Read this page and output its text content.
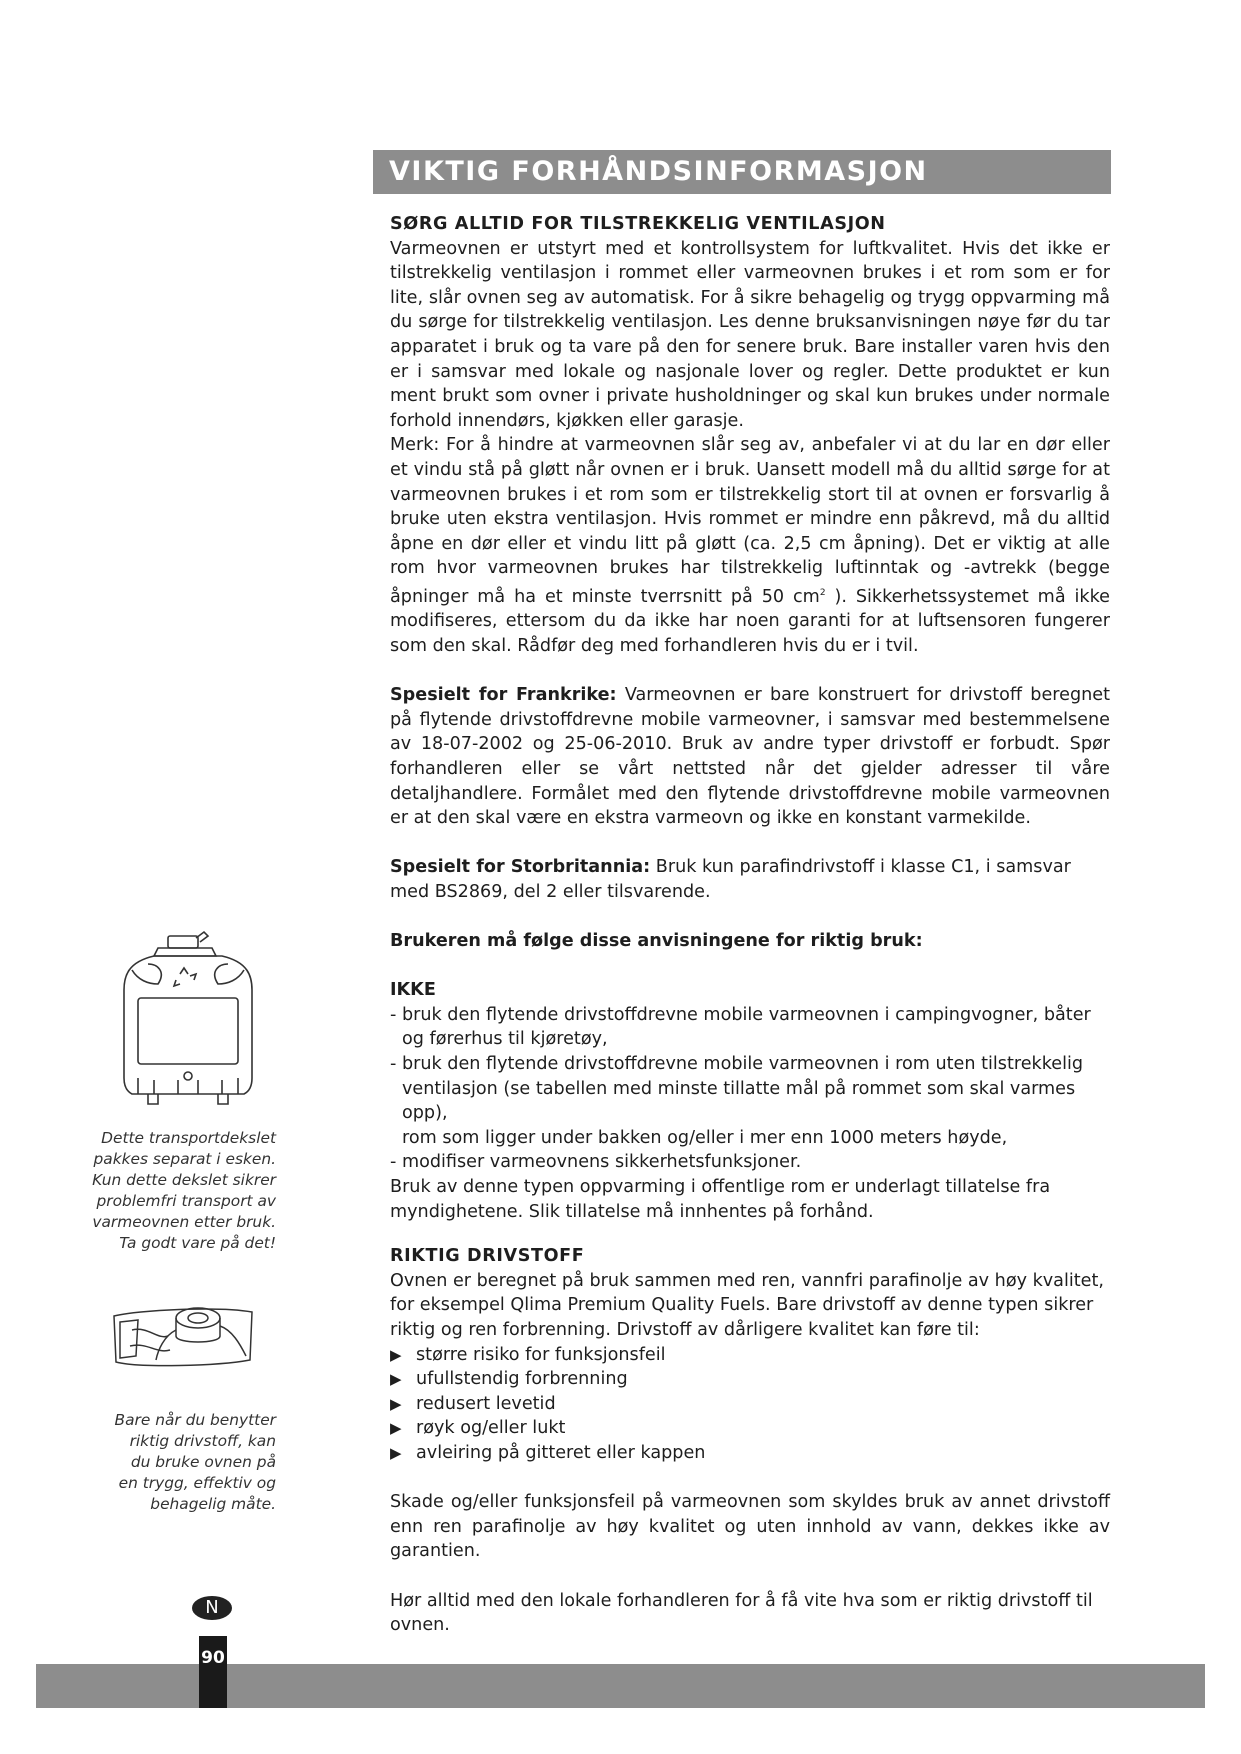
VIKTIG FORHÅNDSINFORMASJON
SØRG ALLTID FOR TILSTREKKELIG VENTILASJON

Varmeovnen er utstyrt med et kontrollsystem for luftkvalitet. Hvis det ikke er tilstrekkelig ventilasjon i rommet eller varmeovnen brukes i et rom som er for lite, slår ovnen seg av automatisk. For å sikre behagelig og trygg oppvarming må du sørge for tilstrekkelig ventilasjon. Les denne bruksanvisningen nøye før du tar apparatet i bruk og ta vare på den for senere bruk. Bare installer varen hvis den er i samsvar med lokale og nasjonale lover og regler. Dette produktet er kun ment brukt som ovner i private husholdninger og skal kun brukes under normale forhold innendørs, kjøkken eller garasje.

Merk: For å hindre at varmeovnen slår seg av, anbefaler vi at du lar en dør eller et vindu stå på gløtt når ovnen er i bruk. Uansett modell må du alltid sørge for at varmeovnen brukes i et rom som er tilstrekkelig stort til at ovnen er forsvarlig å bruke uten ekstra ventilasjon. Hvis rommet er mindre enn påkrevd, må du alltid åpne en dør eller et vindu litt på gløtt (ca. 2,5 cm åpning). Det er viktig at alle rom hvor varmeovnen brukes har tilstrekkelig luftinntak og -avtrekk (begge åpninger må ha et minste tverrsnitt på 50 $cm^2$ ). Sikkerhetssystemet må ikke modifiseres, ettersom du da ikke har noen garanti for at luftsensoren fungerer som den skal. Rådfør deg med forhandleren hvis du er i tvil.

Spesielt for Frankrike: Varmeovnen er bare konstruert for drivstoff beregnet på flytende drivstoffdrevne mobile varmeovner, i samsvar med bestemmelsene av 18-07-2002 og 25-06-2010. Bruk av andre typer drivstoff er forbudt. Spør forhandleren eller se vårt nettsted når det gjelder adresser til våre detaljhandlere. Formålet med den flytende drivstoffdrevne mobile varmeovnen er at den skal være en ekstra varmeovn og ikke en konstant varmekilde.

Spesielt for Storbritannia: Bruk kun parafindrivstoff i klasse C1, i samsvar med BS2869, del 2 eller tilsvarende.

Brukeren må følge disse anvisningene for riktig bruk:

IKKE

- bruk den flytende drivstoffdrevne mobile varmeovnen i campingvogner, båter
og førerhus til kjøretøy,

- bruk den flytende drivstoffdrevne mobile varmeovnen i rom uten tilstrekkelig
ventilasjon (se tabellen med minste tillatte mål på rommet som skal varmes opp),
rom som ligger under bakken og/eller i mer enn 1000 meters høyde,

- modifiser varmeovnens sikkerhetsfunksjoner.

Bruk av denne typen oppvarming i offentlige rom er underlagt tillatelse fra myndighetene. Slik tillatelse må innhentes på forhånd.

RIKTIG DRIVSTOFF

Ovnen er beregnet på bruk sammen med ren, vannfri parafinolje av høy kvalitet, for eksempel Qlima Premium Quality Fuels. Bare drivstoff av denne typen sikrer riktig og ren forbrenning. Drivstoff av dårligere kvalitet kan føre til:

▶ større risiko for funksjonsfeil
▶ ufullstendig forbrenning
▶ redusert levetid
▶ røyk og/eller lukt
▶ avleiring på gitteret eller kappen

Skade og/eller funksjonsfeil på varmeovnen som skyldes bruk av annet drivstoff enn ren parafinolje av høy kvalitet og uten innhold av vann, dekkes ikke av garantien.

Hør alltid med den lokale forhandleren for å få vite hva som er riktig drivstoff til ovnen.

Dette transportdekslet

pakkes separat i esken.

Kun dette dekslet sikrer

problemfri transport av

varmeovnen etter bruk.

Ta godt vare på det!

Bare når du benytter

riktig drivstoff, kan

du bruke ovnen på

en trygg, effektiv og

behagelig måte.

N
90
